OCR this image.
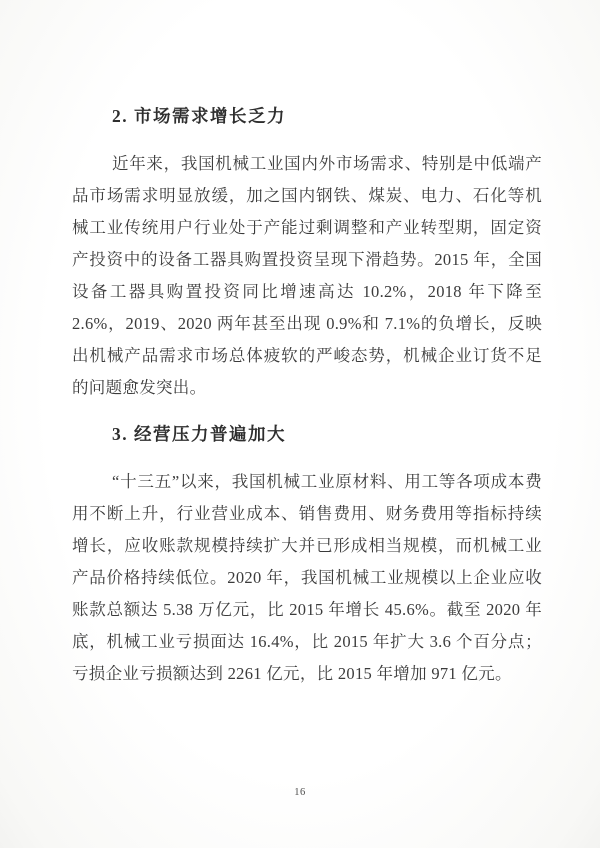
2. 市场需求增长乏力

近年来，我国机械工业国内外市场需求、特别是中低端产品市场需求明显放缓，加之国内钢铁、煤炭、电力、石化等机械工业传统用户行业处于产能过剩调整和产业转型期，固定资产投资中的设备工器具购置投资呈现下滑趋势。2015 年，全国设备工器具购置投资同比增速高达 10.2%，2018 年下降至 2.6%，2019、2020 两年甚至出现 0.9%和 7.1%的负增长，反映出机械产品需求市场总体疲软的严峻态势，机械企业订货不足的问题愈发突出。

3. 经营压力普遍加大

“十三五”以来，我国机械工业原材料、用工等各项成本费用不断上升，行业营业成本、销售费用、财务费用等指标持续增长，应收账款规模持续扩大并已形成相当规模，而机械工业产品价格持续低位。2020 年，我国机械工业规模以上企业应收账款总额达 5.38 万亿元，比 2015 年增长 45.6%。截至 2020 年底，机械工业亏损面达 16.4%，比 2015 年扩大 3.6 个百分点；亏损企业亏损额达到 2261 亿元，比 2015 年增加 971 亿元。

16
